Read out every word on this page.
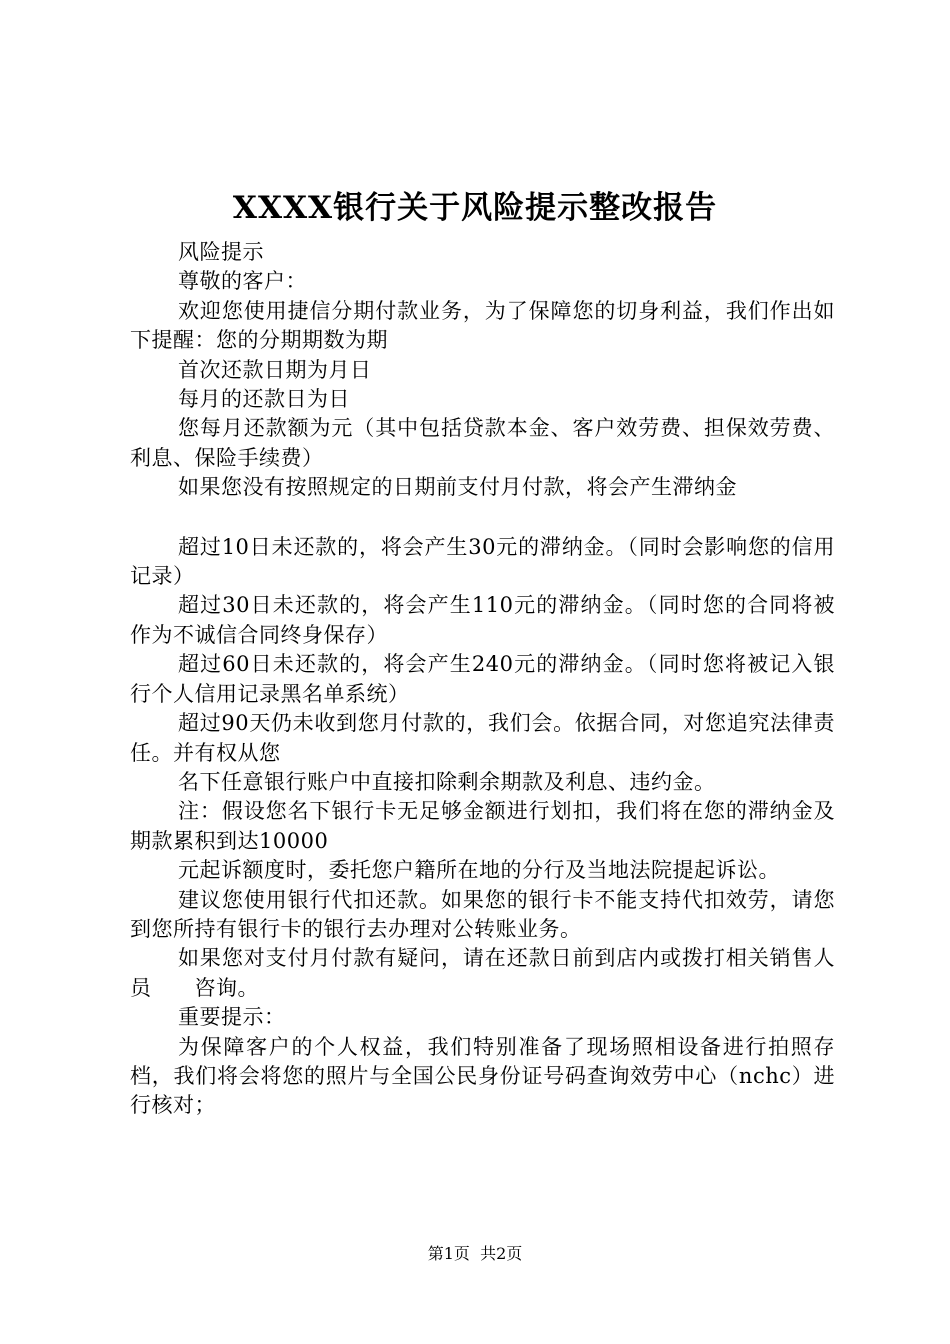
XXXX银行关于风险提示整改报告

风险提示

尊敬的客户：

欢迎您使用捷信分期付款业务，为了保障您的切身利益，我们作出如下提醒：您的分期期数为期

首次还款日期为月日

每月的还款日为日

您每月还款额为元（其中包括贷款本金、客户效劳费、担保效劳费、利息、保险手续费）

如果您没有按照规定的日期前支付月付款，将会产生滞纳金

超过10日未还款的，将会产生30元的滞纳金。（同时会影响您的信用记录）

超过30日未还款的，将会产生110元的滞纳金。（同时您的合同将被作为不诚信合同终身保存）

超过60日未还款的，将会产生240元的滞纳金。（同时您将被记入银行个人信用记录黑名单系统）

超过90天仍未收到您月付款的，我们会。依据合同，对您追究法律责任。并有权从您

名下任意银行账户中直接扣除剩余期款及利息、违约金。

注：假设您名下银行卡无足够金额进行划扣，我们将在您的滞纳金及期款累积到达10000

元起诉额度时，委托您户籍所在地的分行及当地法院提起诉讼。

建议您使用银行代扣还款。如果您的银行卡不能支持代扣效劳，请您到您所持有银行卡的银行去办理对公转账业务。

如果您对支付月付款有疑问，请在还款日前到店内或拨打相关销售人员　　咨询。

重要提示：

为保障客户的个人权益，我们特别准备了现场照相设备进行拍照存档，我们将会将您的照片与全国公民身份证号码查询效劳中心（nchc）进行核对；

第1页 共2页
